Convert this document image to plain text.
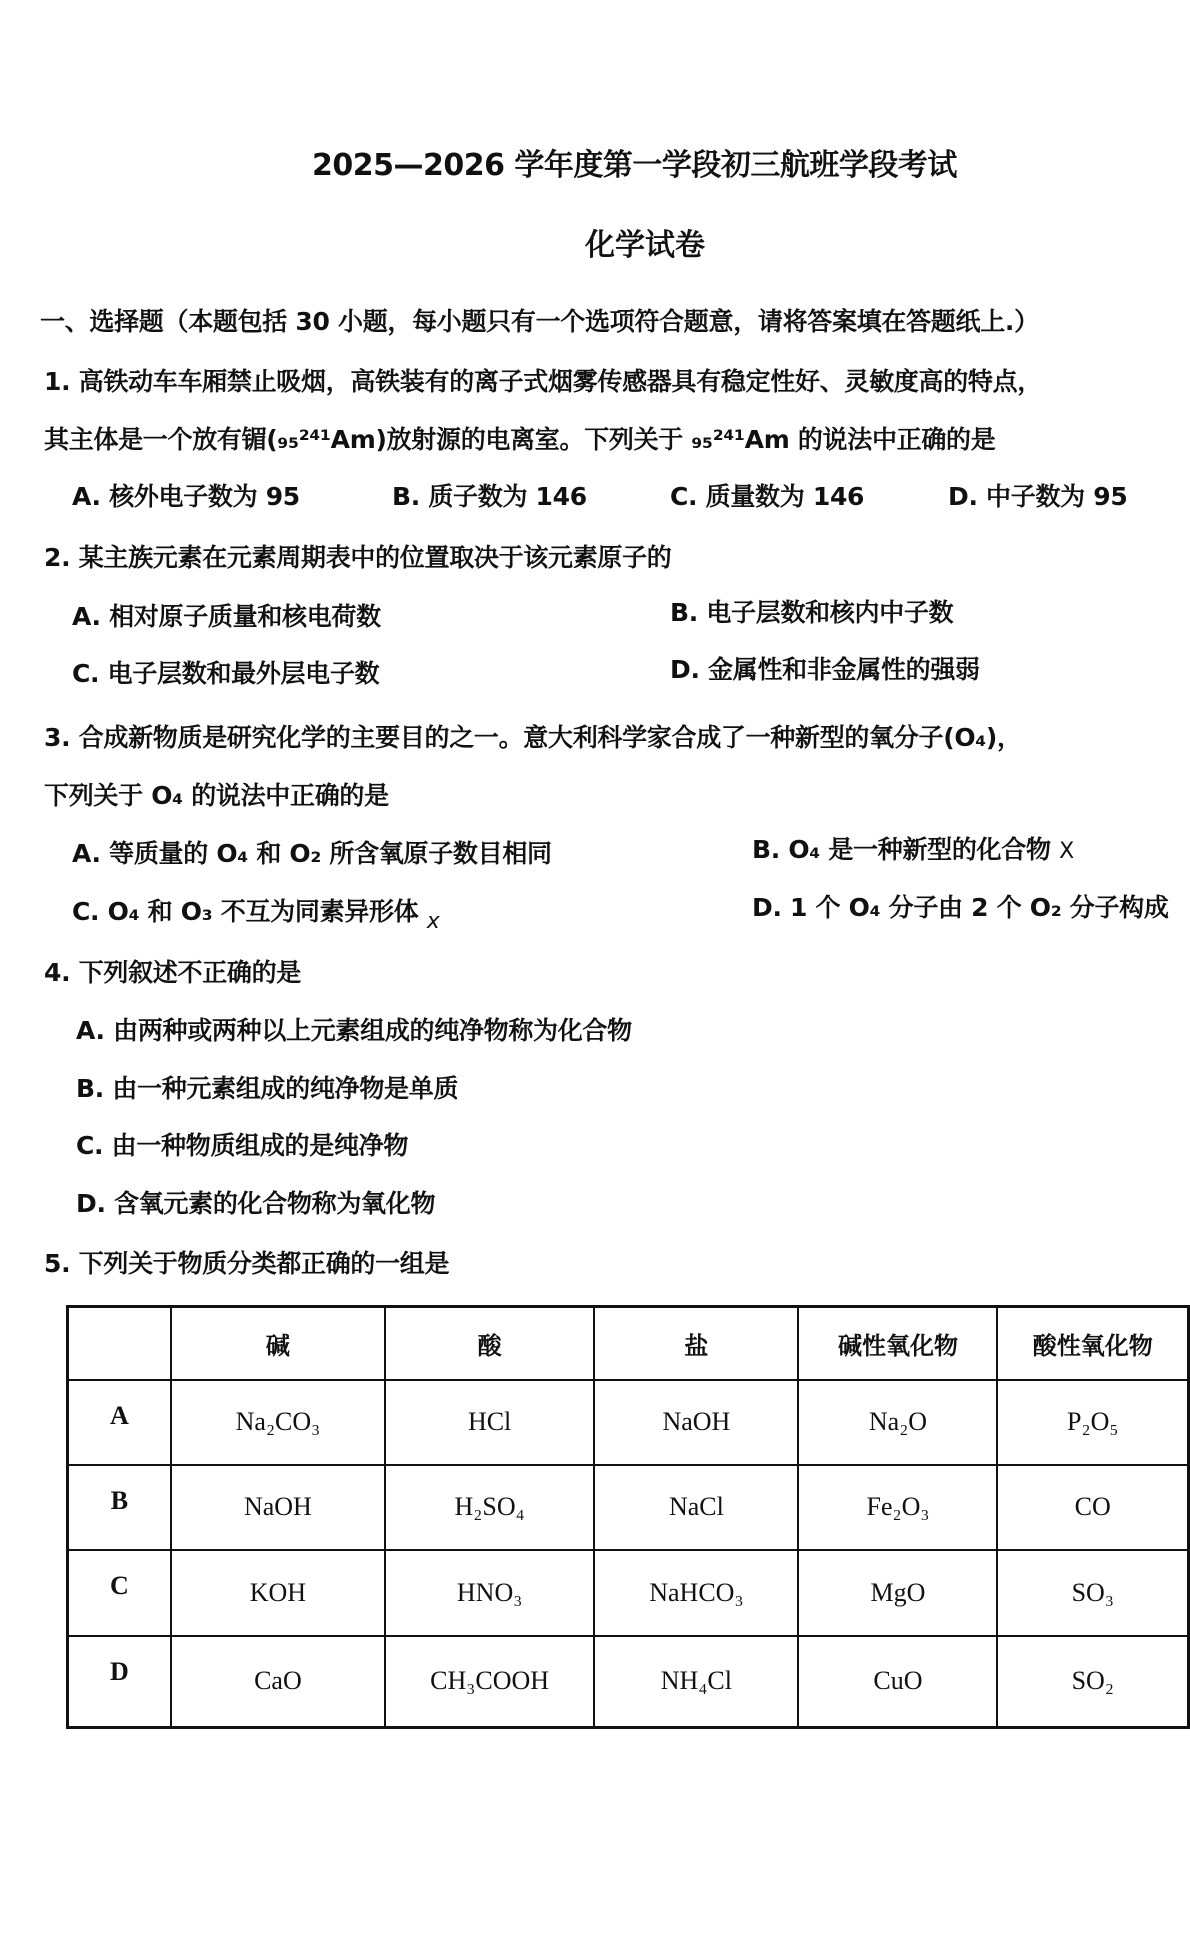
2025—2026 学年度第一学段初三航班学段考试
化学试卷
一、选择题（本题包括 30 小题，每小题只有一个选项符合题意，请将答案填在答题纸上.）
1. 高铁动车车厢禁止吸烟，高铁装有的离子式烟雾传感器具有稳定性好、灵敏度高的特点，
其主体是一个放有镅(₉₅²⁴¹Am)放射源的电离室。下列关于 ₉₅²⁴¹Am 的说法中正确的是
A. 核外电子数为 95	B. 质子数为 146	C. 质量数为 146	D. 中子数为 95
2. 某主族元素在元素周期表中的位置取决于该元素原子的
A. 相对原子质量和核电荷数	B. 电子层数和核内中子数
C. 电子层数和最外层电子数	D. 金属性和非金属性的强弱
3. 合成新物质是研究化学的主要目的之一。意大利科学家合成了一种新型的氧分子(O₄)，
下列关于 O₄ 的说法中正确的是
A. 等质量的 O₄ 和 O₂ 所含氧原子数目相同	B. O₄ 是一种新型的化合物 X
C. O₄ 和 O₃ 不互为同素异形体 x	D. 1 个 O₄ 分子由 2 个 O₂ 分子构成
4. 下列叙述不正确的是
A. 由两种或两种以上元素组成的纯净物称为化合物
B. 由一种元素组成的纯净物是单质
C. 由一种物质组成的是纯净物
D. 含氧元素的化合物称为氧化物
5. 下列关于物质分类都正确的一组是
	碱	酸	盐	碱性氧化物	酸性氧化物
A	Na₂CO₃	HCl	NaOH	Na₂O	P₂O₅
B	NaOH	H₂SO₄	NaCl	Fe₂O₃	CO
C	KOH	HNO₃	NaHCO₃	MgO	SO₃
D	CaO	CH₃COOH	NH₄Cl	CuO	SO₂
